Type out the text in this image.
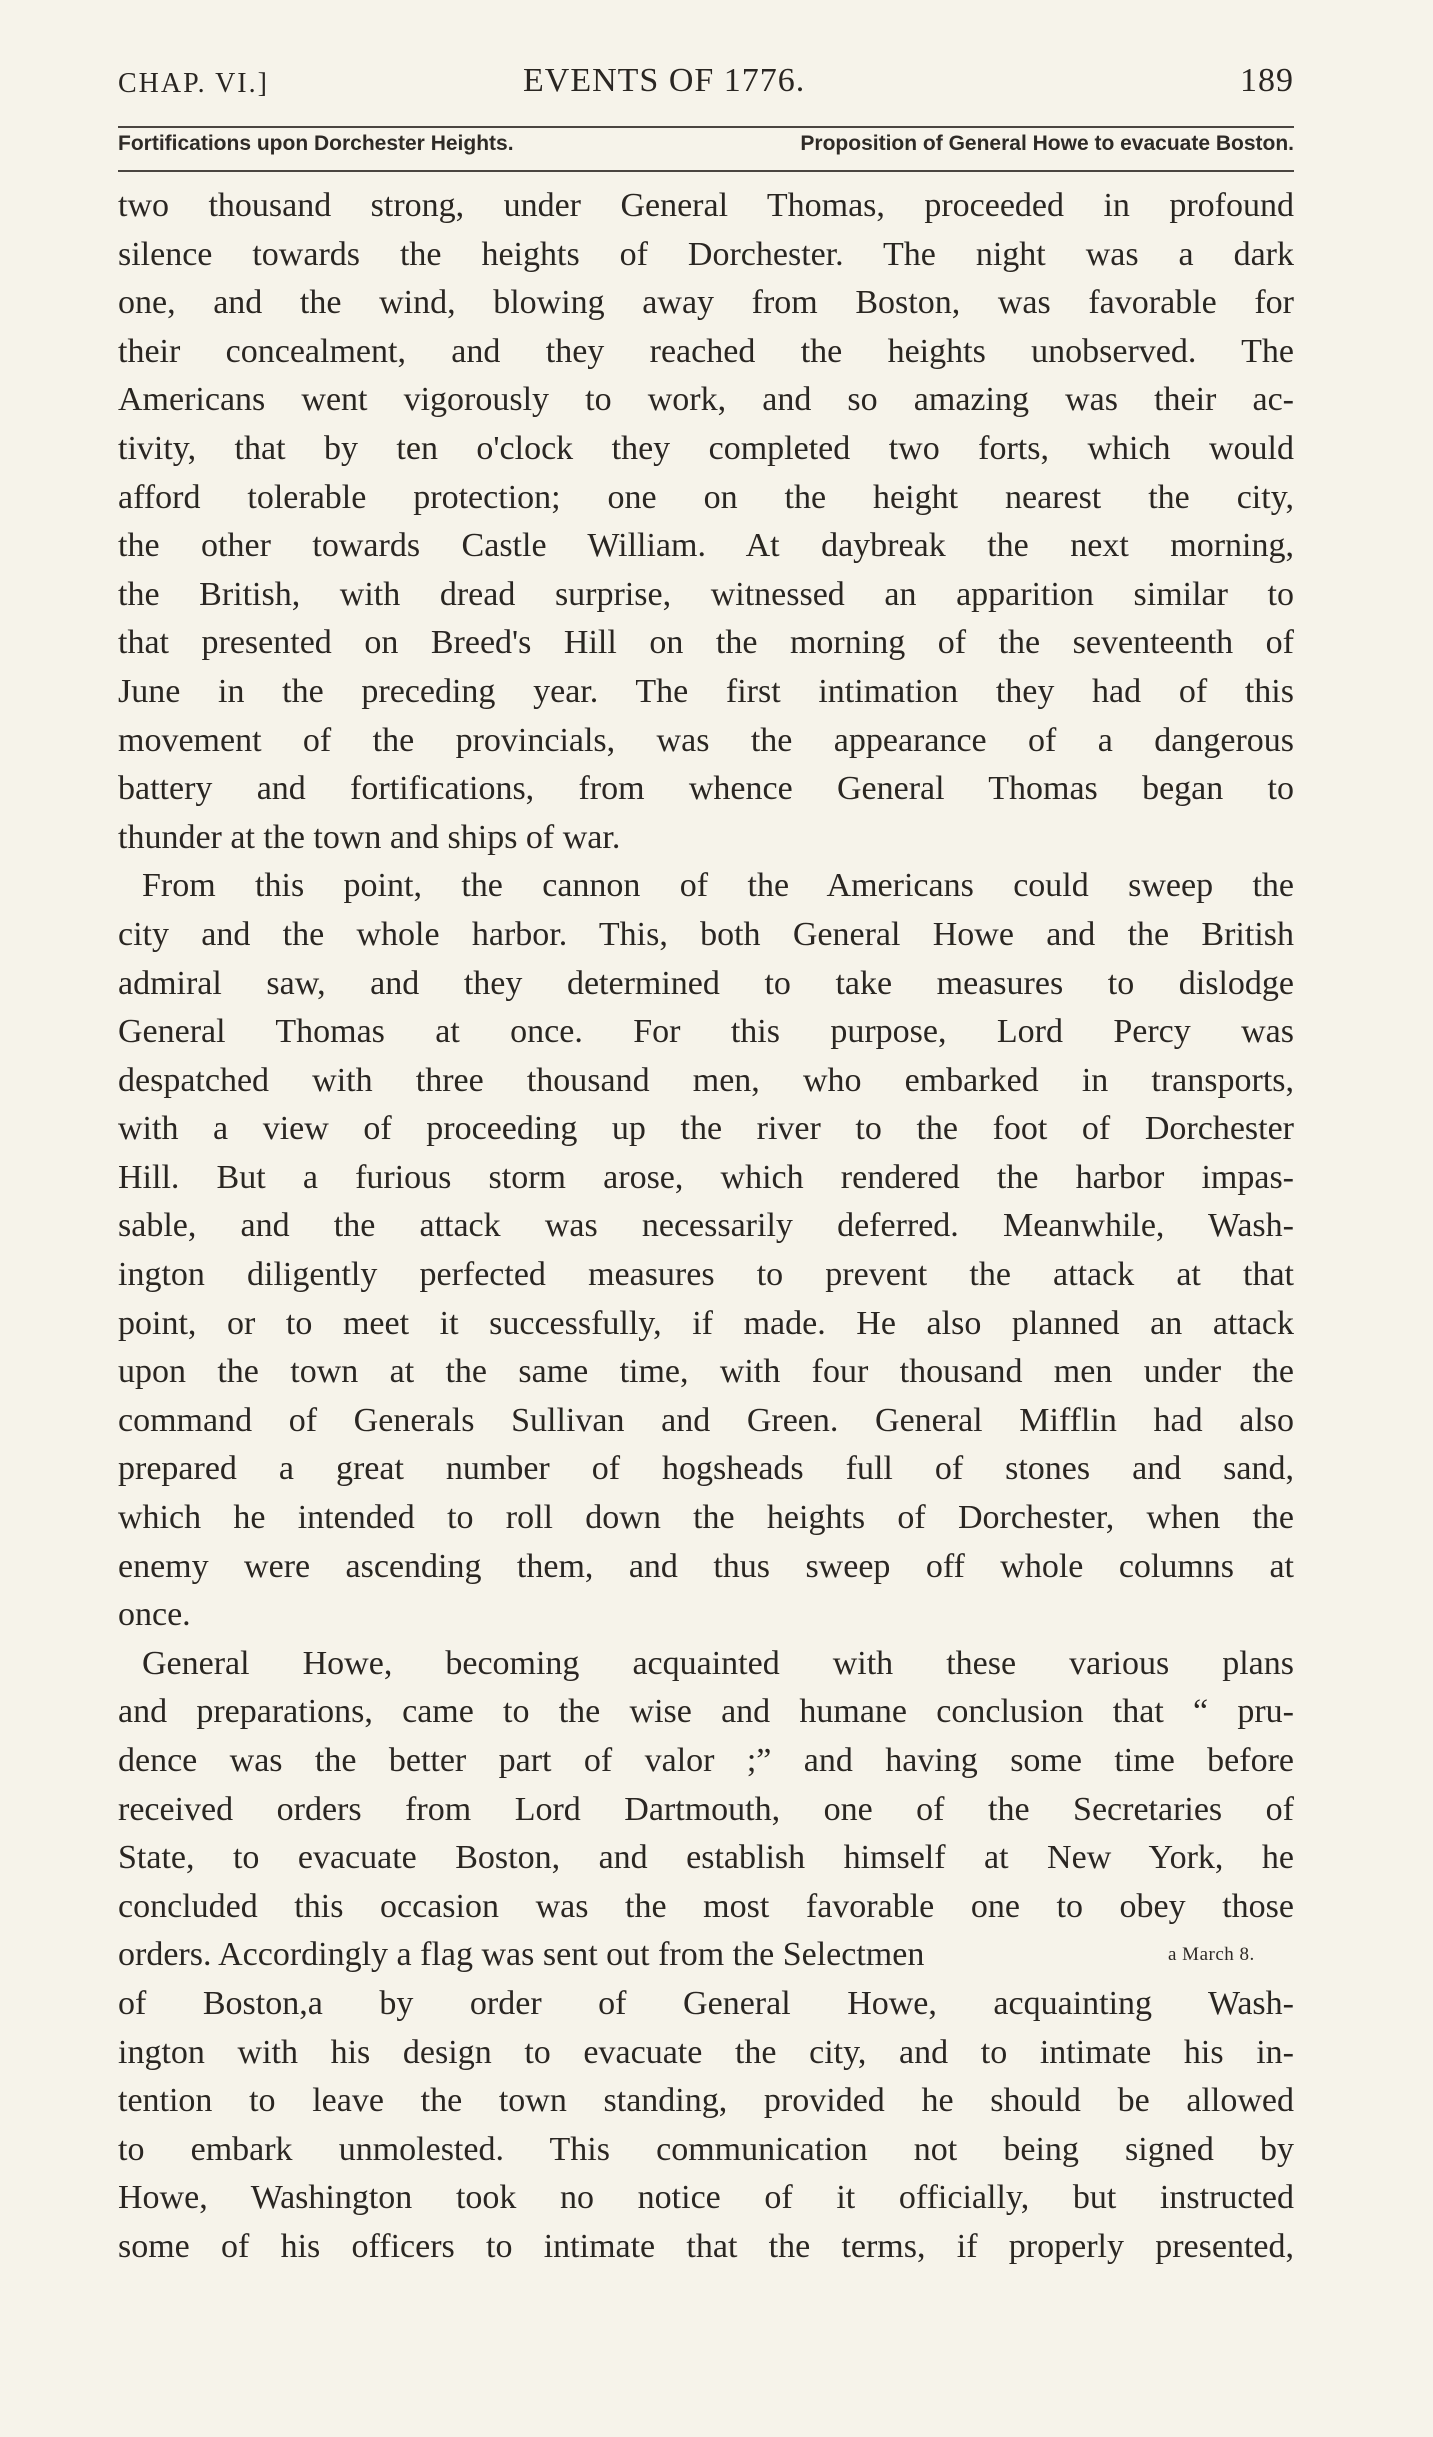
CHAP. VI.]	EVENTS OF 1776.	189
Fortifications upon Dorchester Heights.	Proposition of General Howe to evacuate Boston.
two thousand strong, under General Thomas, proceeded in profound
silence towards the heights of Dorchester. The night was a dark
one, and the wind, blowing away from Boston, was favorable for
their concealment, and they reached the heights unobserved. The
Americans went vigorously to work, and so amazing was their ac-
tivity, that by ten o'clock they completed two forts, which would
afford tolerable protection; one on the height nearest the city,
the other towards Castle William. At daybreak the next morning,
the British, with dread surprise, witnessed an apparition similar to
that presented on Breed's Hill on the morning of the seventeenth of
June in the preceding year. The first intimation they had of this
movement of the provincials, was the appearance of a dangerous
battery and fortifications, from whence General Thomas began to
thunder at the town and ships of war.
From this point, the cannon of the Americans could sweep the
city and the whole harbor. This, both General Howe and the British
admiral saw, and they determined to take measures to dislodge
General Thomas at once. For this purpose, Lord Percy was
despatched with three thousand men, who embarked in transports,
with a view of proceeding up the river to the foot of Dorchester
Hill. But a furious storm arose, which rendered the harbor impas-
sable, and the attack was necessarily deferred. Meanwhile, Wash-
ington diligently perfected measures to prevent the attack at that
point, or to meet it successfully, if made. He also planned an attack
upon the town at the same time, with four thousand men under the
command of Generals Sullivan and Green. General Mifflin had also
prepared a great number of hogsheads full of stones and sand,
which he intended to roll down the heights of Dorchester, when the
enemy were ascending them, and thus sweep off whole columns at
once.
General Howe, becoming acquainted with these various plans
and preparations, came to the wise and humane conclusion that “ pru-
dence was the better part of valor ;” and having some time before
received orders from Lord Dartmouth, one of the Secretaries of
State, to evacuate Boston, and establish himself at New York, he
concluded this occasion was the most favorable one to obey those
orders. Accordingly a flag was sent out from the Selectmen
of Boston,a by order of General Howe, acquainting Wash-
ington with his design to evacuate the city, and to intimate his in-
tention to leave the town standing, provided he should be allowed
to embark unmolested. This communication not being signed by
Howe, Washington took no notice of it officially, but instructed
some of his officers to intimate that the terms, if properly presented,
a March 8.
